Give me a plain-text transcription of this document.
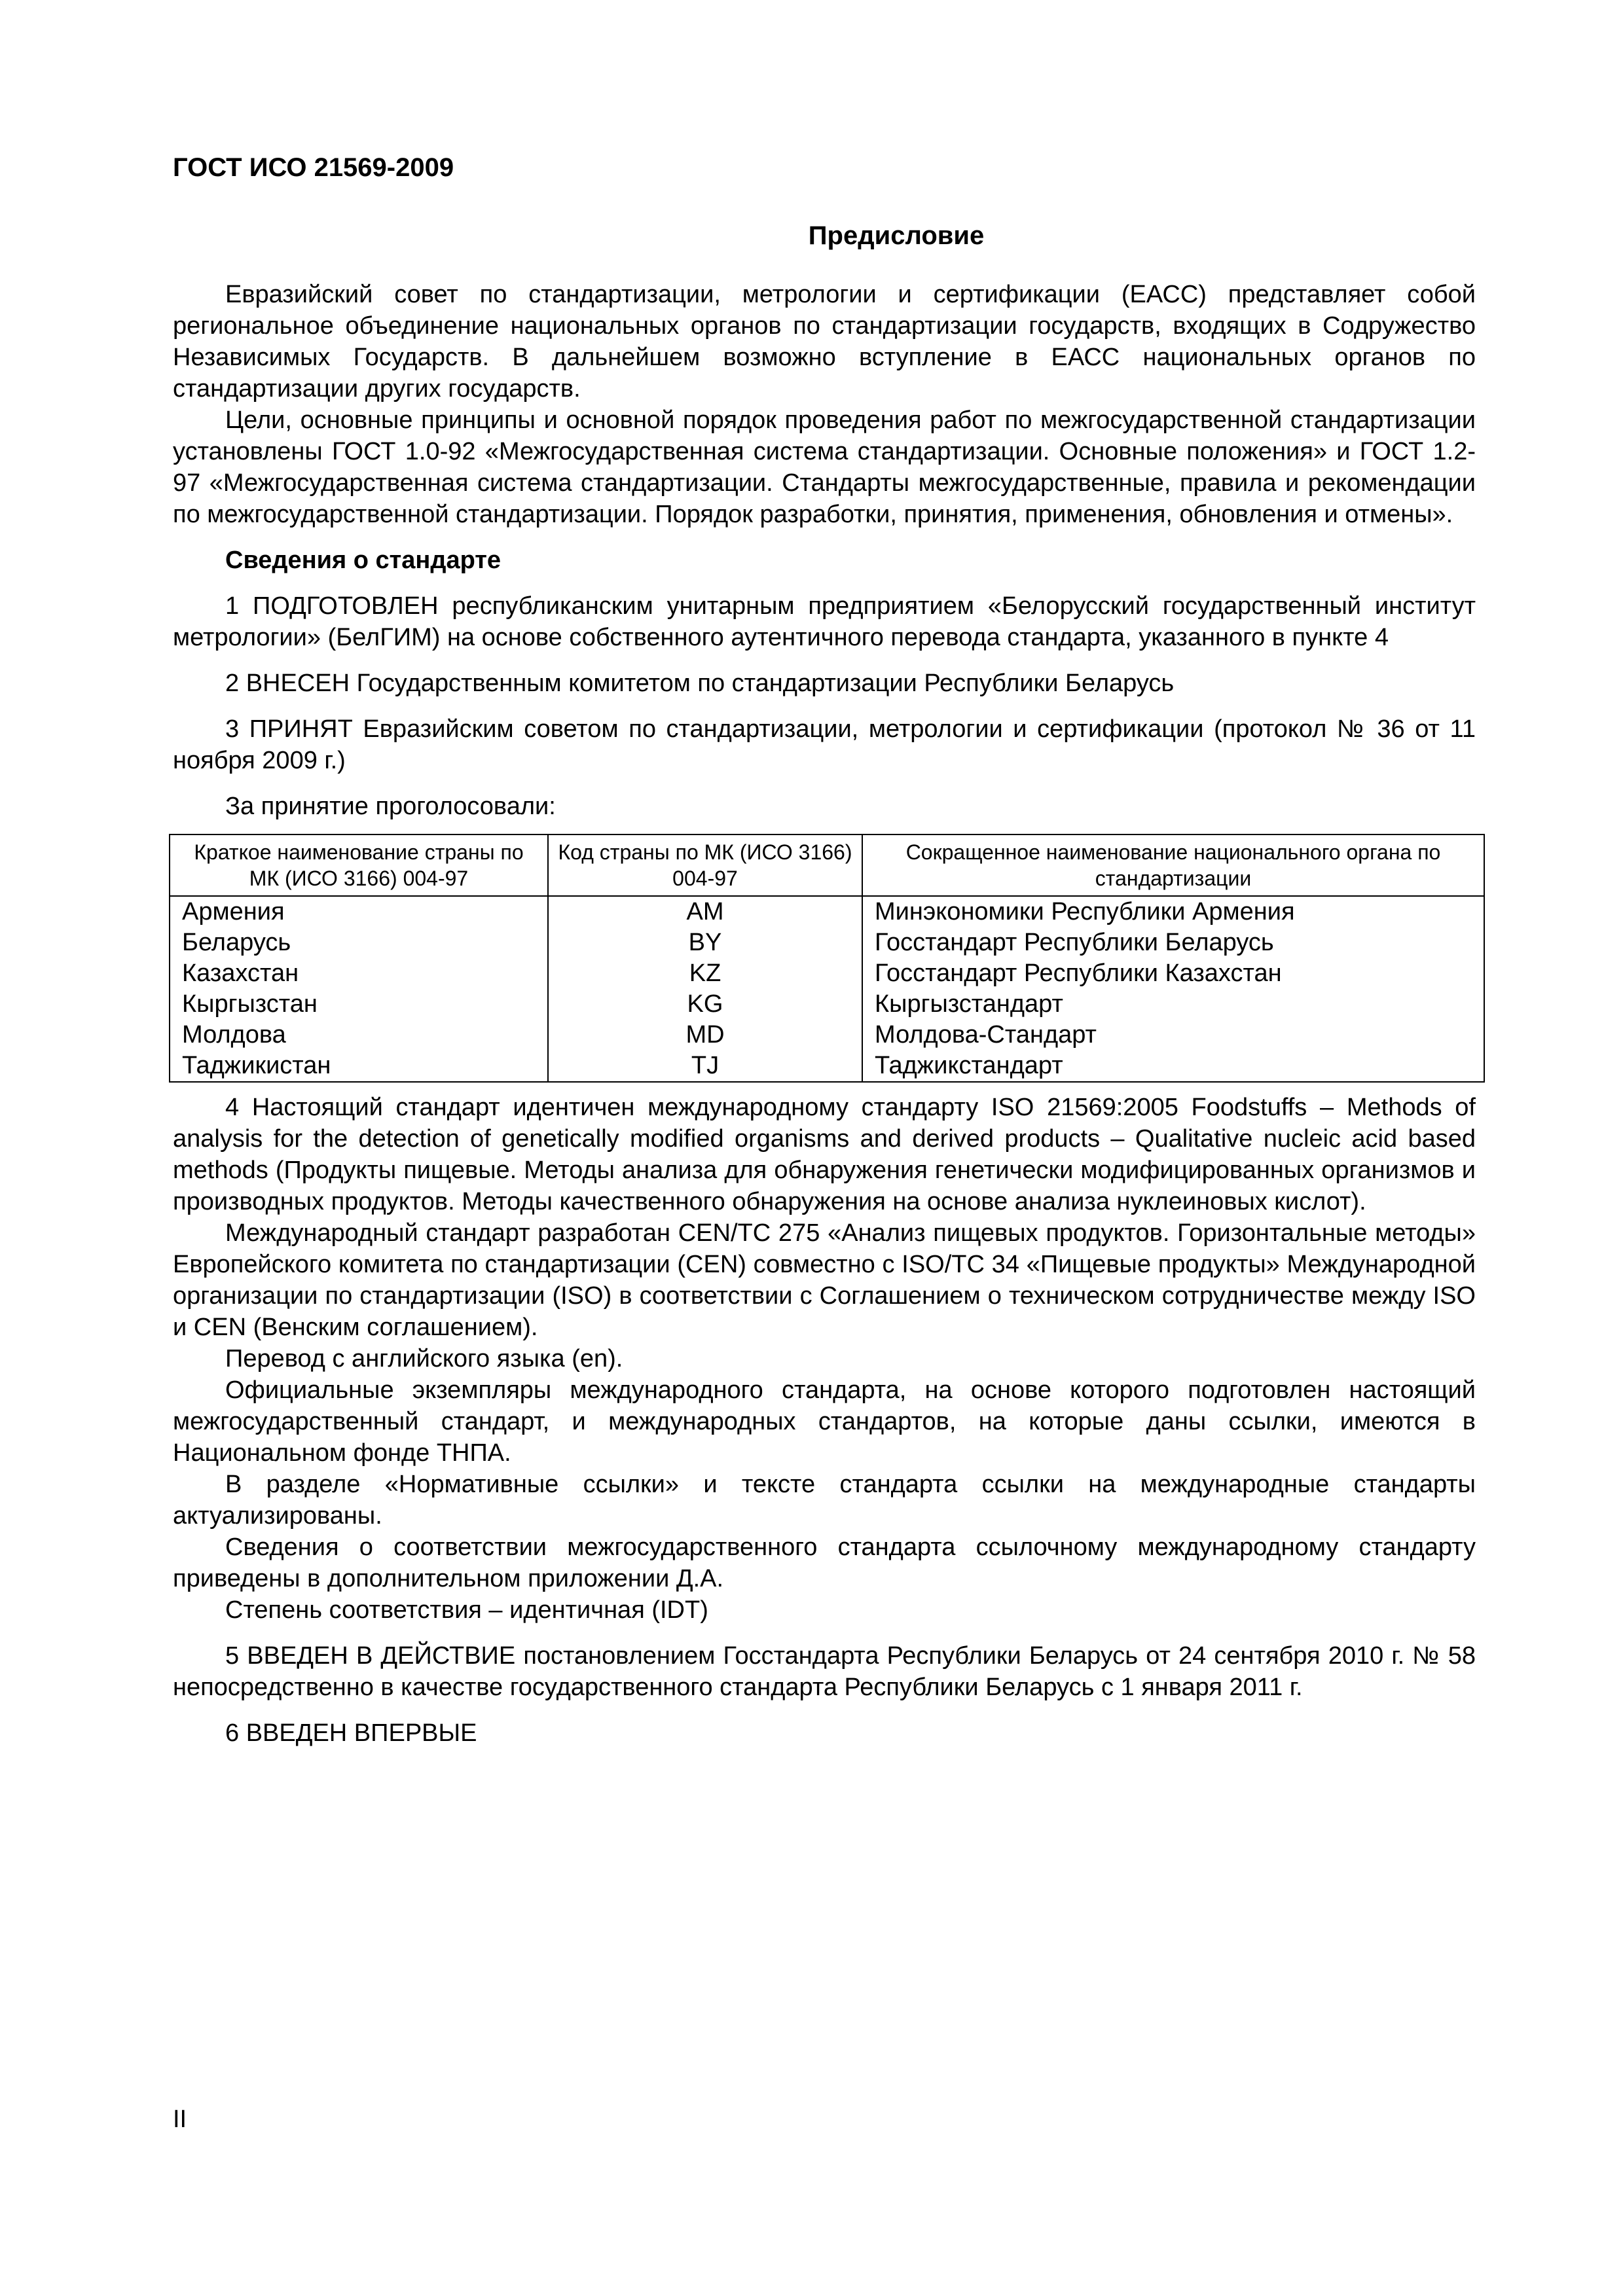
ГОСТ ИСО 21569-2009
Предисловие

Евразийский совет по стандартизации, метрологии и сертификации (ЕАСС) представляет собой региональное объединение национальных органов по стандартизации государств, входящих в Содружество Независимых Государств. В дальнейшем возможно вступление в ЕАСС национальных органов по стандартизации других государств.

Цели, основные принципы и основной порядок проведения работ по межгосударственной стандартизации установлены ГОСТ 1.0-92 «Межгосударственная система стандартизации. Основные положения» и ГОСТ 1.2-97 «Межгосударственная система стандартизации. Стандарты межгосударственные, правила и рекомендации по межгосударственной стандартизации. Порядок разработки, принятия, применения, обновления и отмены».

Сведения о стандарте

1 ПОДГОТОВЛЕН республиканским унитарным предприятием «Белорусский государственный институт метрологии» (БелГИМ) на основе собственного аутентичного перевода стандарта, указанного в пункте 4

2 ВНЕСЕН Государственным комитетом по стандартизации Республики Беларусь

3 ПРИНЯТ Евразийским советом по стандартизации, метрологии и сертификации (протокол № 36 от 11 ноября 2009 г.)

За принятие проголосовали:

Краткое наименование страны по МК (ИСО 3166) 004-97	Код страны по МК (ИСО 3166) 004-97	Сокращенное наименование национального органа по стандартизации
Армения	AM	Минэкономики Республики Армения
Беларусь	BY	Госстандарт Республики Беларусь
Казахстан	KZ	Госстандарт Республики Казахстан
Кыргызстан	KG	Кыргызстандарт
Молдова	MD	Молдова-Стандарт
Таджикистан	TJ	Таджикстандарт

4 Настоящий стандарт идентичен международному стандарту ISO 21569:2005 Foodstuffs – Methods of analysis for the detection of genetically modified organisms and derived products – Qualitative nucleic acid based methods (Продукты пищевые. Методы анализа для обнаружения генетически модифицированных организмов и производных продуктов. Методы качественного обнаружения на основе анализа нуклеиновых кислот).

Международный стандарт разработан CEN/TC 275 «Анализ пищевых продуктов. Горизонтальные методы» Европейского комитета по стандартизации (CEN) совместно с ISO/TC 34 «Пищевые продукты» Международной организации по стандартизации (ISO) в соответствии с Соглашением о техническом сотрудничестве между ISO и CEN (Венским соглашением).

Перевод с английского языка (en).

Официальные экземпляры международного стандарта, на основе которого подготовлен настоящий межгосударственный стандарт, и международных стандартов, на которые даны ссылки, имеются в Национальном фонде ТНПА.

В разделе «Нормативные ссылки» и тексте стандарта ссылки на международные стандарты актуализированы.

Сведения о соответствии межгосударственного стандарта ссылочному международному стандарту приведены в дополнительном приложении Д.А.

Степень соответствия – идентичная (IDT)

5 ВВЕДЕН В ДЕЙСТВИЕ постановлением Госстандарта Республики Беларусь от 24 сентября 2010 г. № 58 непосредственно в качестве государственного стандарта Республики Беларусь с 1 января 2011 г.

6 ВВЕДЕН ВПЕРВЫЕ

II
